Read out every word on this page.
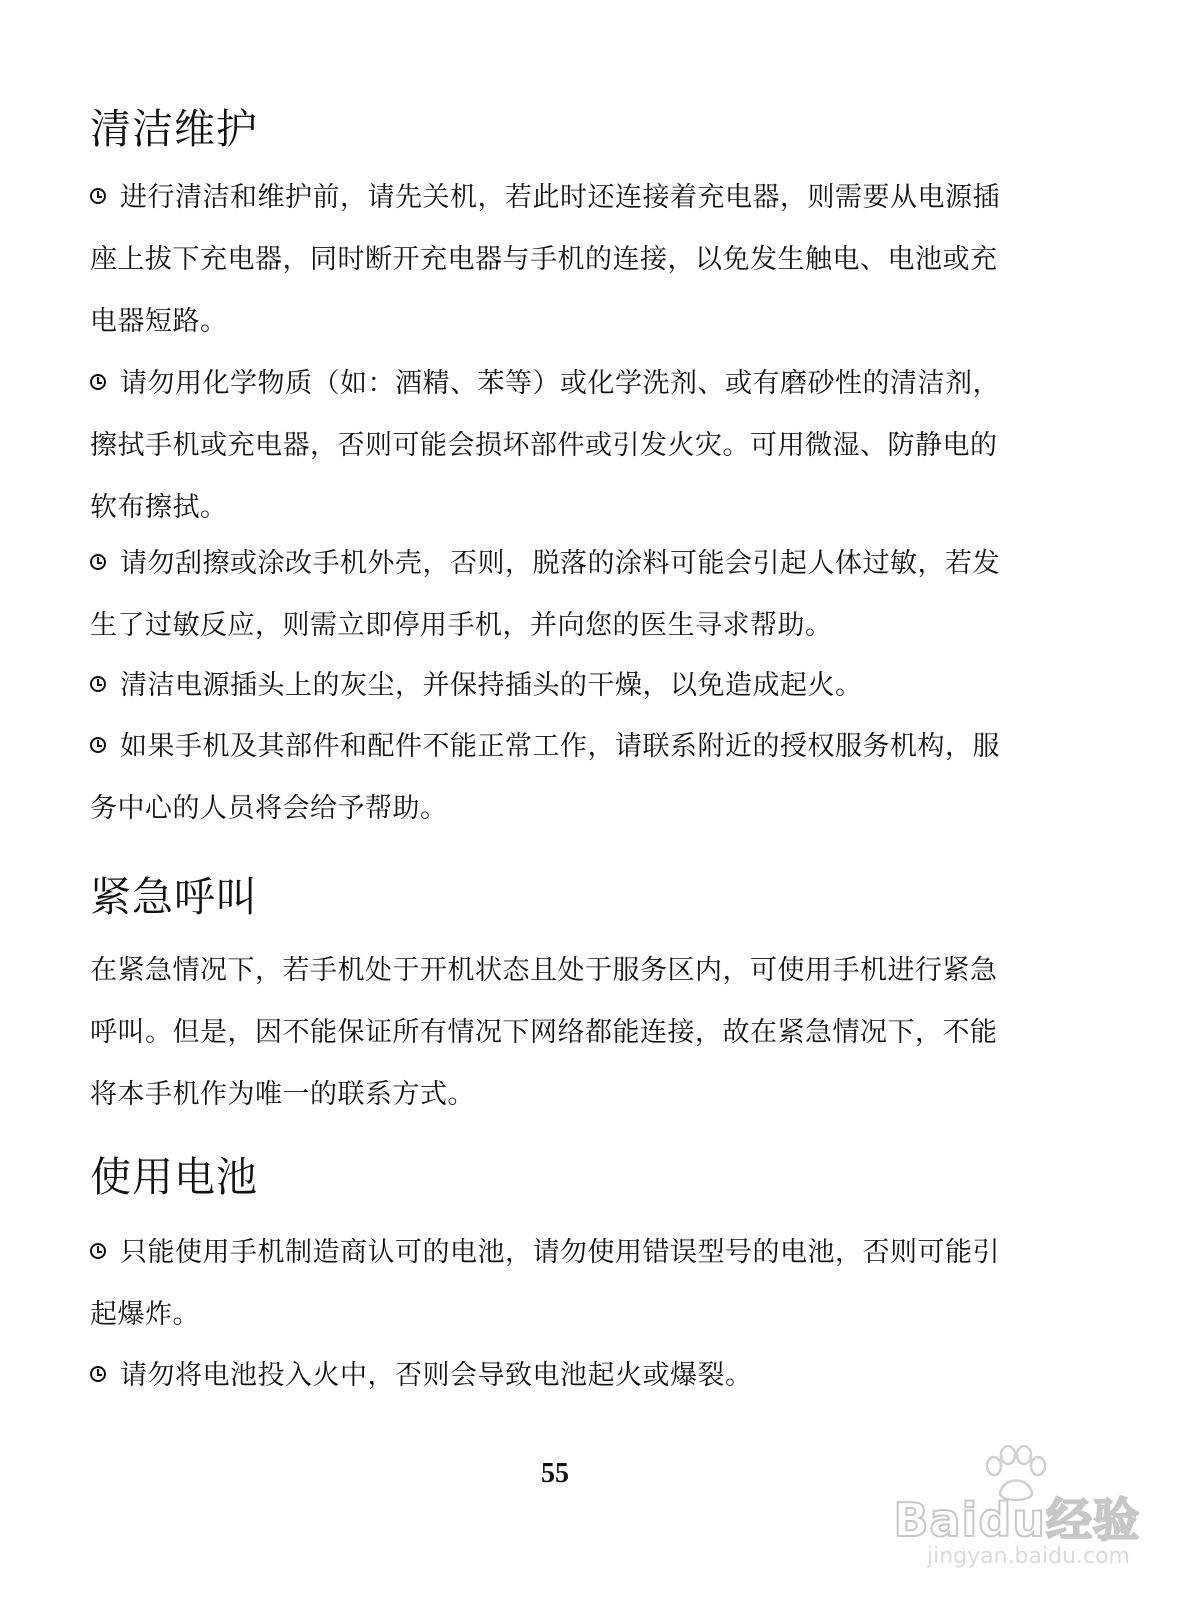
清洁维护

进行清洁和维护前，请先关机，若此时还连接着充电器，则需要从电源插座上拔下充电器，同时断开充电器与手机的连接，以免发生触电、电池或充电器短路。

请勿用化学物质（如：酒精、苯等）或化学洗剂、或有磨砂性的清洁剂，擦拭手机或充电器，否则可能会损坏部件或引发火灾。可用微湿、防静电的软布擦拭。

请勿刮擦或涂改手机外壳，否则，脱落的涂料可能会引起人体过敏，若发生了过敏反应，则需立即停用手机，并向您的医生寻求帮助。

清洁电源插头上的灰尘，并保持插头的干燥，以免造成起火。

如果手机及其部件和配件不能正常工作，请联系附近的授权服务机构，服务中心的人员将会给予帮助。

紧急呼叫

在紧急情况下，若手机处于开机状态且处于服务区内，可使用手机进行紧急呼叫。但是，因不能保证所有情况下网络都能连接，故在紧急情况下，不能将本手机作为唯一的联系方式。

使用电池

只能使用手机制造商认可的电池，请勿使用错误型号的电池，否则可能引起爆炸。

请勿将电池投入火中，否则会导致电池起火或爆裂。

55
Baidu经验
jingyan.baidu.com
